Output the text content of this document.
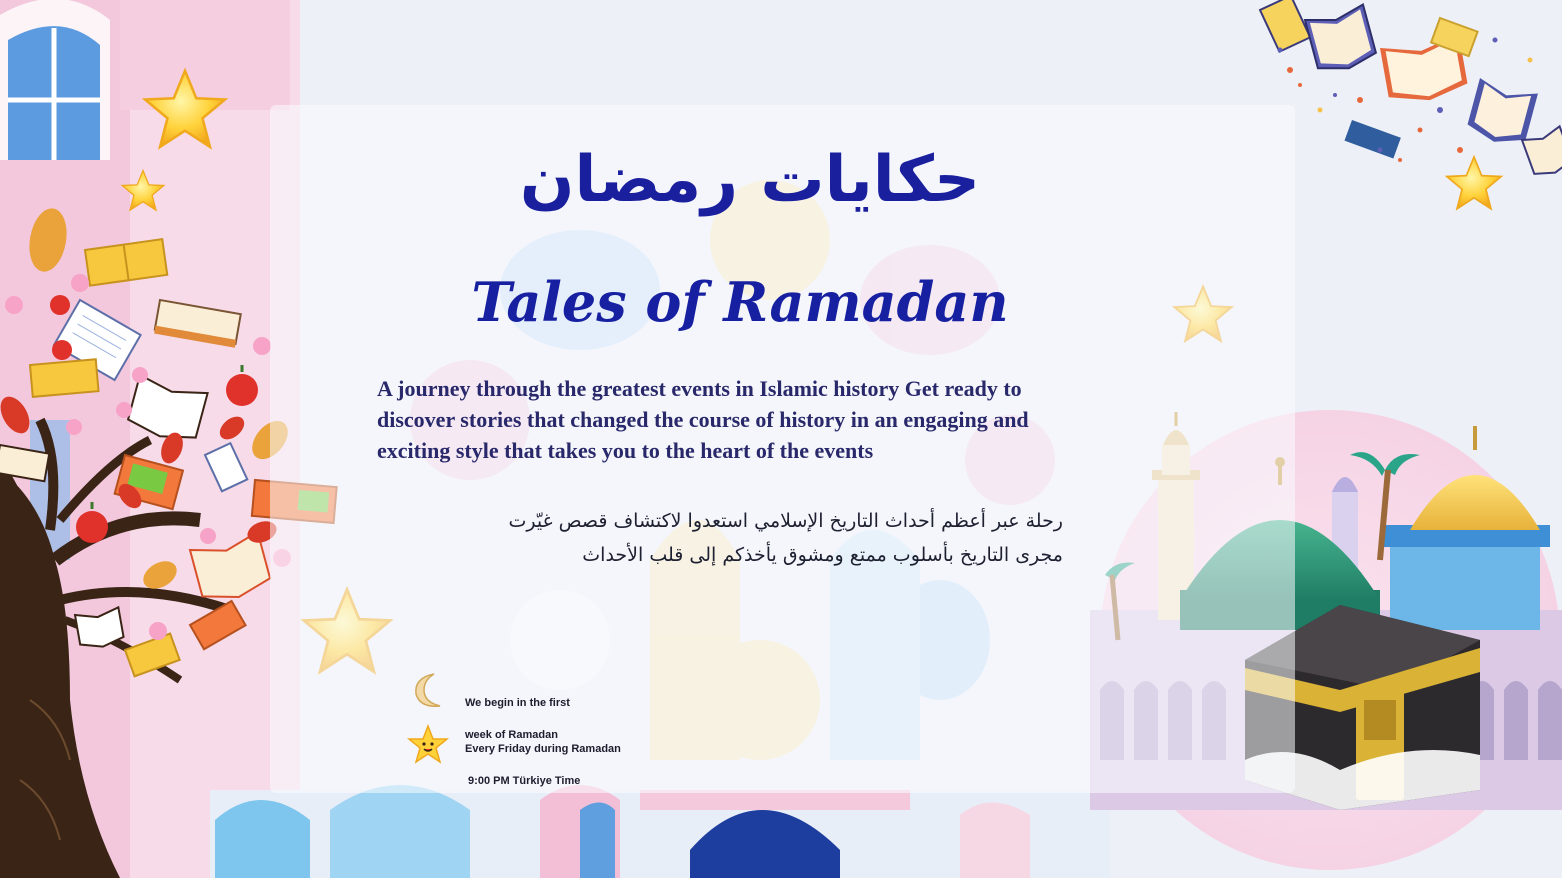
حكايات رمضان
Tales of Ramadan
A journey through the greatest events in Islamic history Get ready to discover stories that changed the course of history in an engaging and exciting style that takes you to the heart of the events
رحلة عبر أعظم أحداث التاريخ الإسلامي استعدوا لاكتشاف قصص غيّرت
مجرى التاريخ بأسلوب ممتع ومشوق يأخذكم إلى قلب الأحداث

We begin in the first

week of Ramadan

Every Friday during Ramadan

9:00 PM Türkiye Time
